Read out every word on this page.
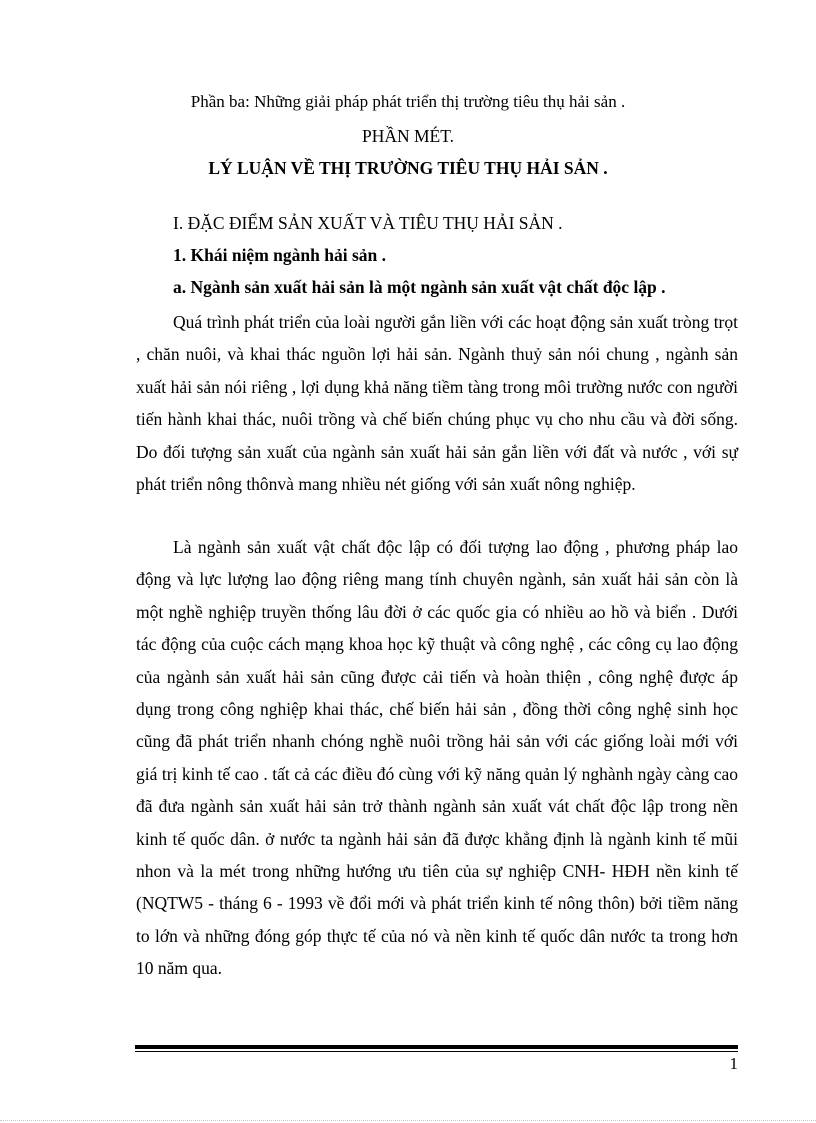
Phần ba: Những giải pháp phát triển thị trường tiêu thụ hải sản .
PHẦN MÉT.
LÝ LUẬN VỀ THỊ TRƯỜNG TIÊU THỤ HẢI SẢN .
I. ĐẶC ĐIỂM SẢN XUẤT VÀ TIÊU THỤ HẢI SẢN .
1. Khái niệm ngành hải sản .
a. Ngành sản xuất hải sản là một ngành sản xuất vật chất độc lập .

Quá trình phát triển của loài người gắn liền với các hoạt động sản xuất tròng trọt , chăn nuôi, và khai thác nguồn lợi hải sản. Ngành thuỷ sản nói chung , ngành sản xuất hải sản nói riêng , lợi dụng khả năng tiềm tàng trong môi trường nước con người tiến hành khai thác, nuôi trồng và chế biến chúng phục vụ cho nhu cầu và đời sống. Do đối tượng sản xuất của ngành sản xuất hải sản gắn liền với đất và nước , với sự phát triển nông thônvà mang nhiều nét giống với sản xuất nông nghiệp.

Là ngành sản xuất vật chất độc lập có đối tượng lao động , phương pháp lao động và lực lượng lao động riêng mang tính chuyên ngành, sản xuất hải sản còn là một nghề nghiệp truyền thống lâu đời ở các quốc gia có nhiều ao hồ và biển . Dưới tác động của cuộc cách mạng khoa học kỹ thuật và công nghệ , các công cụ lao động của ngành sản xuất hải sản cũng được cải tiến và hoàn thiện , công nghệ được áp dụng trong công nghiệp khai thác, chế biến hải sản , đồng thời công nghệ sinh học cũng đã phát triển nhanh chóng nghề nuôi trồng hải sản với các giống loài mới với giá trị kinh tế cao . tất cả các điều đó cùng với kỹ năng quản lý nghành ngày càng cao đã đưa ngành sản xuất hải sản trở thành ngành sản xuất vát chất độc lập trong nền kinh tế quốc dân. ở nước ta ngành hải sản đã được khẳng định là ngành kinh tế mũi nhon và la mét trong những hướng ưu tiên của sự nghiệp CNH- HĐH nền kinh tế (NQTW5 - tháng 6 - 1993 về đổi mới và phát triển kinh tế nông thôn) bởi tiềm năng to lớn và những đóng góp thực tế của nó và nền kinh tế quốc dân nước ta trong hơn 10 năm qua.

1
